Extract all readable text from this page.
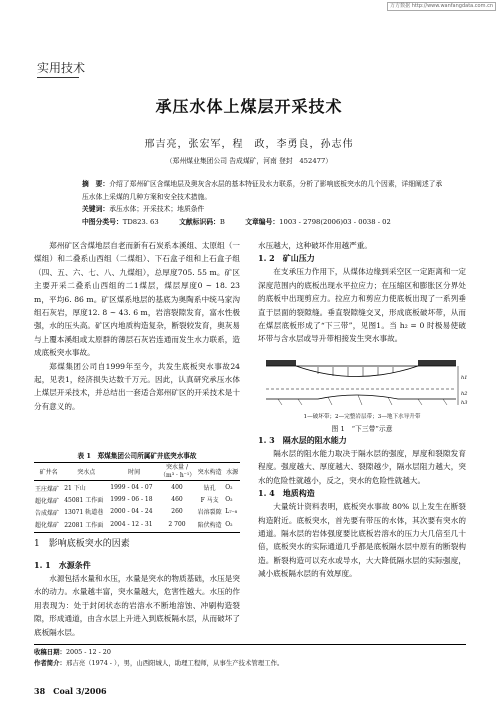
万方数据 http://www.wanfangdata.com.cn
实用技术
承压水体上煤层开采技术
邢吉亮，张宏军，程　政，李勇良，孙志伟
（郑州煤业集团公司 告成煤矿，河南 登封　452477）

摘　要：介绍了郑州矿区含煤地层及奥灰含水层的基本特征及水力联系，分析了影响底板突水的几个因素，详细阐述了承压水体上采煤的几种方案和安全技术措施。

关键词：承压水体；开采技术；地质条件

中图分类号：TD823. 63	文献标识码：B	文章编号：1003 - 2798(2006)03 - 0038 - 02

郑州矿区含煤地层自老而新有石炭系本溪组、太原组（一煤组）和二叠系山西组（二煤组）、下石盒子组和上石盒子组（四、五、六、七、八、九煤组），总厚度705. 55 m。矿区主要开采二叠系山西组的二1煤层，煤层厚度0 ~ 18. 23 m，平均6. 86 m。矿区煤系地层的基底为奥陶系中统马家沟组石灰岩，厚度12. 8 ~ 43. 6 m，岩溶裂隙发育，富水性极强，水的压头高。矿区内地质构造复杂，断裂较发育，奥灰易与上覆本溪组或太原群的薄层石灰岩连通而发生水力联系，造成底板突水事故。

郑煤集团公司自1999年至今，共发生底板突水事故24起，见表1，经济损失达数千万元。因此，认真研究承压水体上煤层开采技术，并总结出一套适合郑州矿区的开采技术是十分有意义的。

表 1　郑煤集团公司所属矿井底突水事故
矿井名	突水点	时间	突水量 /（m³ · h⁻¹）	突水构造	水源
王庄煤矿	21 下山	1999 - 04 - 07	400	钻孔	O₂
超化煤矿	45081 工作面	1999 - 06 - 18	460	F 马支	O₂
告成煤矿	13071 轨道巷	2000 - 04 - 24	260	岩溶裂隙	L₇₋₈
超化煤矿	22081 工作面	2004 - 12 - 31	2 700	陷伏构造	O₂

1　影响底板突水的因素

1. 1　水源条件

水源包括水量和水压，水量是突水的物质基础，水压是突水的动力。水量越丰富，突水量越大，危害性越大。水压的作用表现为：处于封闭状态的岩溶水不断地溶蚀、冲刷构造裂隙，形成通道，由含水层上升进入到底板隔水层，从而破坏了底板隔水层。

水压越大，这种破坏作用越严重。

1. 2　矿山压力

在支承压力作用下，从煤体边缘到采空区一定距离和一定深度范围内的底板出现水平拉应力；在压缩区和膨胀区分界处的底板中出现剪应力。拉应力和剪应力使底板出现了一系列垂直于层面的裂隙缝。垂直裂隙缝交叉，形成底板破坏带，从而在煤层底板形成了“下三带”，见图1。当 h₂ = 0 时极易使破坏带与含水层或导升带相接发生突水事故。

h1
h2
h3
1—破坏带；2—完整岩层带；3—地下水导升带
图 1　“下三带”示意

1. 3　隔水层的阻水能力

隔水层的阻水能力取决于隔水层的强度，厚度和裂隙发育程度。强度越大、厚度越大、裂隙越少，隔水层阻力越大，突水的危险性就越小，反之，突水的危险性就越大。

1. 4　地质构造

大量统计资料表明，底板突水事故 80% 以上发生在断裂构造附近。底板突水，首先要有带压的水体，其次要有突水的通道。隔水层的岩体强度要比底板岩溶水的压力大几倍至几十倍，底板突水的实际通道几乎都是底板隔水层中原有的断裂构造。断裂构造可以充水或导水，大大降低隔水层的实际强度，减小底板隔水层的有效厚度。

收稿日期：2005 - 12 - 20

作者简介：邢吉亮（1974 - ），男，山西阳城人，助理工程师，从事生产技术管理工作。

38　Coal 3/2006
